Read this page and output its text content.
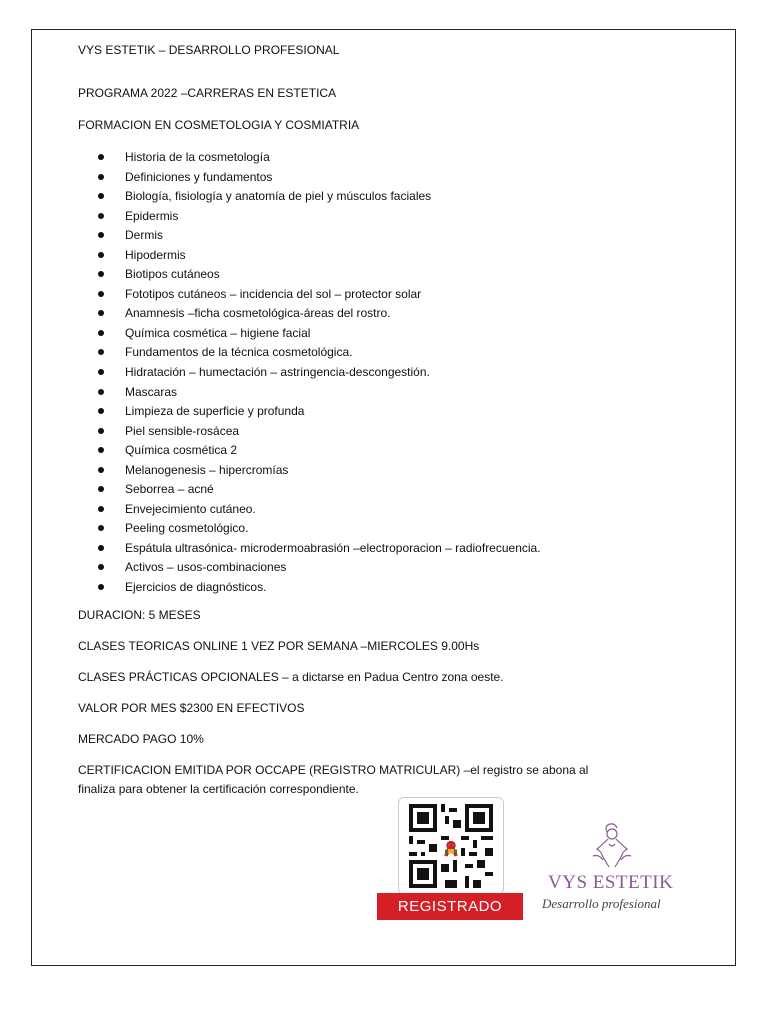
VYS ESTETIK – DESARROLLO PROFESIONAL
PROGRAMA 2022 –CARRERAS EN ESTETICA
FORMACION EN COSMETOLOGIA Y COSMIATRIA
Historia de la cosmetología
Definiciones y fundamentos
Biología, fisiología y anatomía de piel y músculos faciales
Epidermis
Dermis
Hipodermis
Biotipos cutáneos
Fototipos cutáneos – incidencia del sol – protector solar
Anamnesis –ficha cosmetológica-áreas del rostro.
Química cosmética – higiene facial
Fundamentos de la técnica cosmetológica.
Hidratación – humectación – astringencia-descongestión.
Mascaras
Limpieza de superficie y profunda
Piel sensible-rosácea
Química cosmética 2
Melanogenesis – hipercromías
Seborrea – acné
Envejecimiento cutáneo.
Peeling cosmetológico.
Espátula ultrasónica- microdermoabrasión –electroporacion – radiofrecuencia.
Activos – usos-combinaciones
Ejercicios de diagnósticos.
DURACION: 5 MESES
CLASES TEORICAS ONLINE 1 VEZ POR SEMANA –MIERCOLES 9.00Hs
CLASES PRÁCTICAS OPCIONALES – a dictarse en Padua Centro zona oeste.
VALOR POR MES $2300 EN EFECTIVOS
MERCADO PAGO 10%
CERTIFICACION EMITIDA POR OCCAPE (REGISTRO MATRICULAR) –el registro se abona al finaliza para obtener la certificación correspondiente.
REGISTRADO
VYS ESTETIK
Desarrollo profesional
